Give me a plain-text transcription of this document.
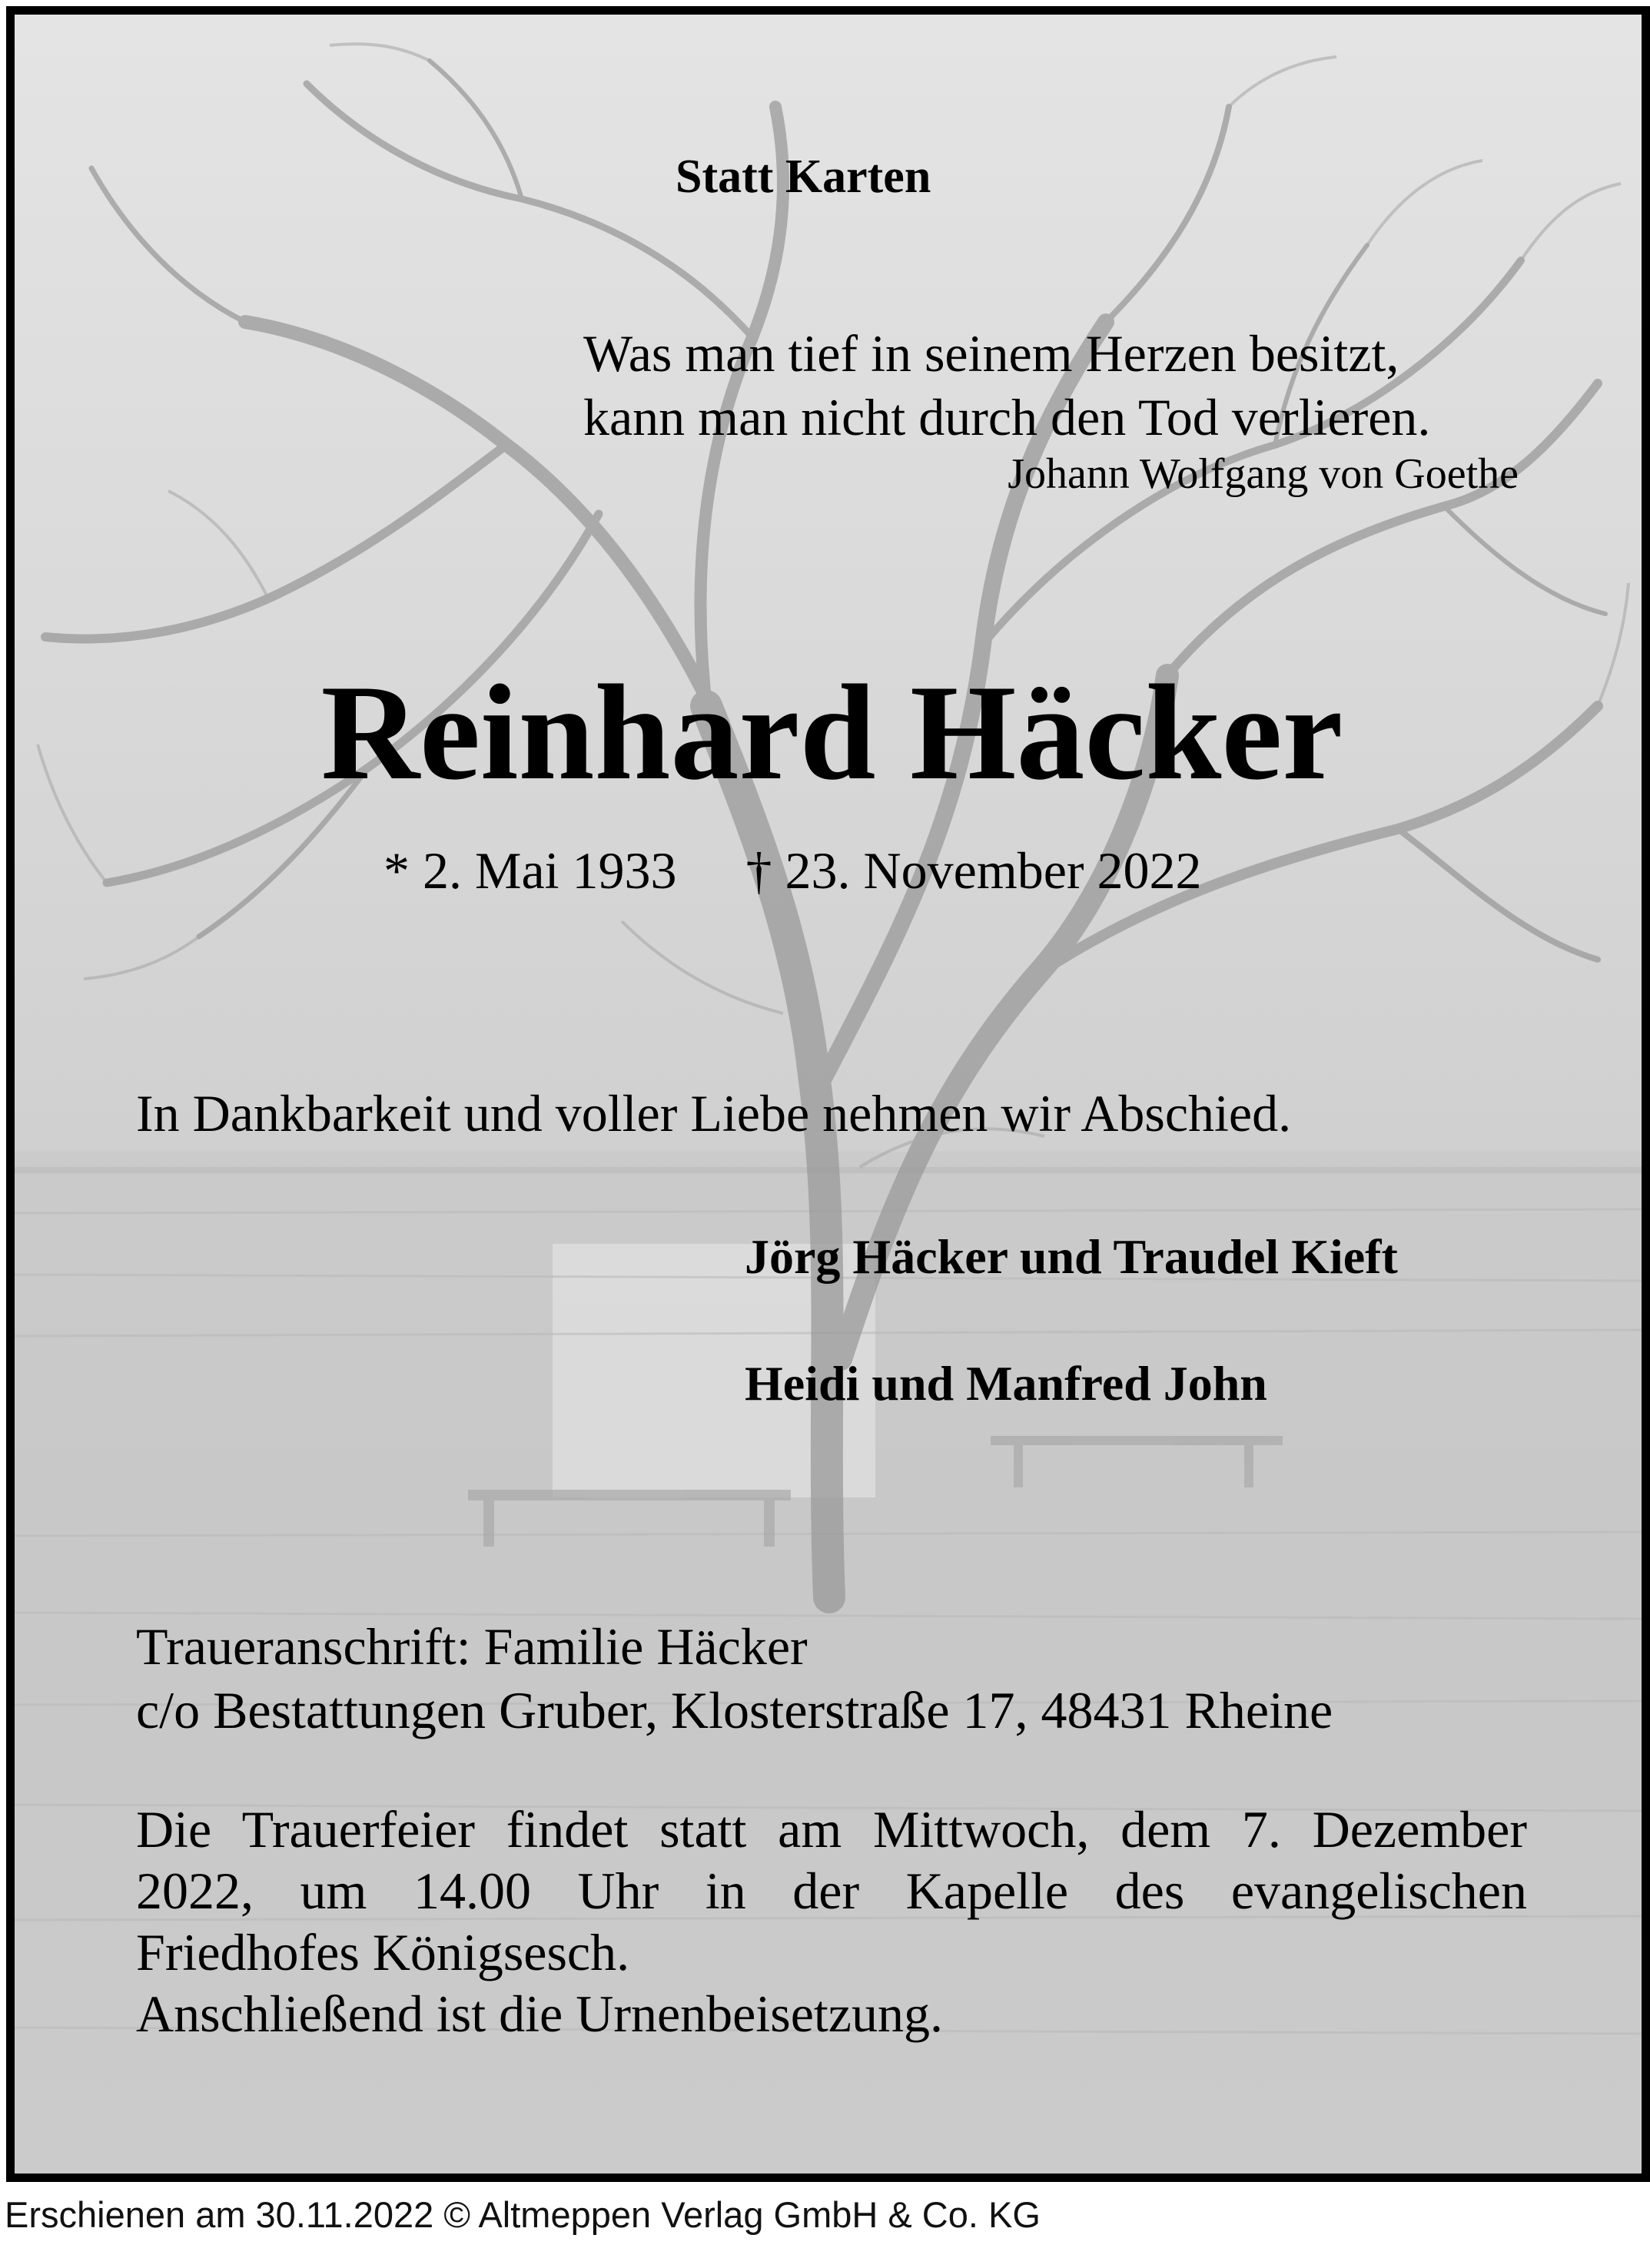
Statt Karten
Was man tief in seinem Herzen besitzt,
kann man nicht durch den Tod verlieren.
Johann Wolfgang von Goethe
Reinhard Häcker
* 2. Mai 1933 † 23. November 2022
In Dankbarkeit und voller Liebe nehmen wir Abschied.
Jörg Häcker und Traudel Kieft
Heidi und Manfred John
Traueranschrift: Familie Häcker
c/o Bestattungen Gruber, Klosterstraße 17, 48431 Rheine
Die Trauerfeier findet statt am Mittwoch, dem 7. Dezember
2022, um 14.00 Uhr in der Kapelle des evangelischen
Friedhofes Königsesch.
Anschließend ist die Urnenbeisetzung.
Erschienen am 30.11.2022 © Altmeppen Verlag GmbH & Co. KG
